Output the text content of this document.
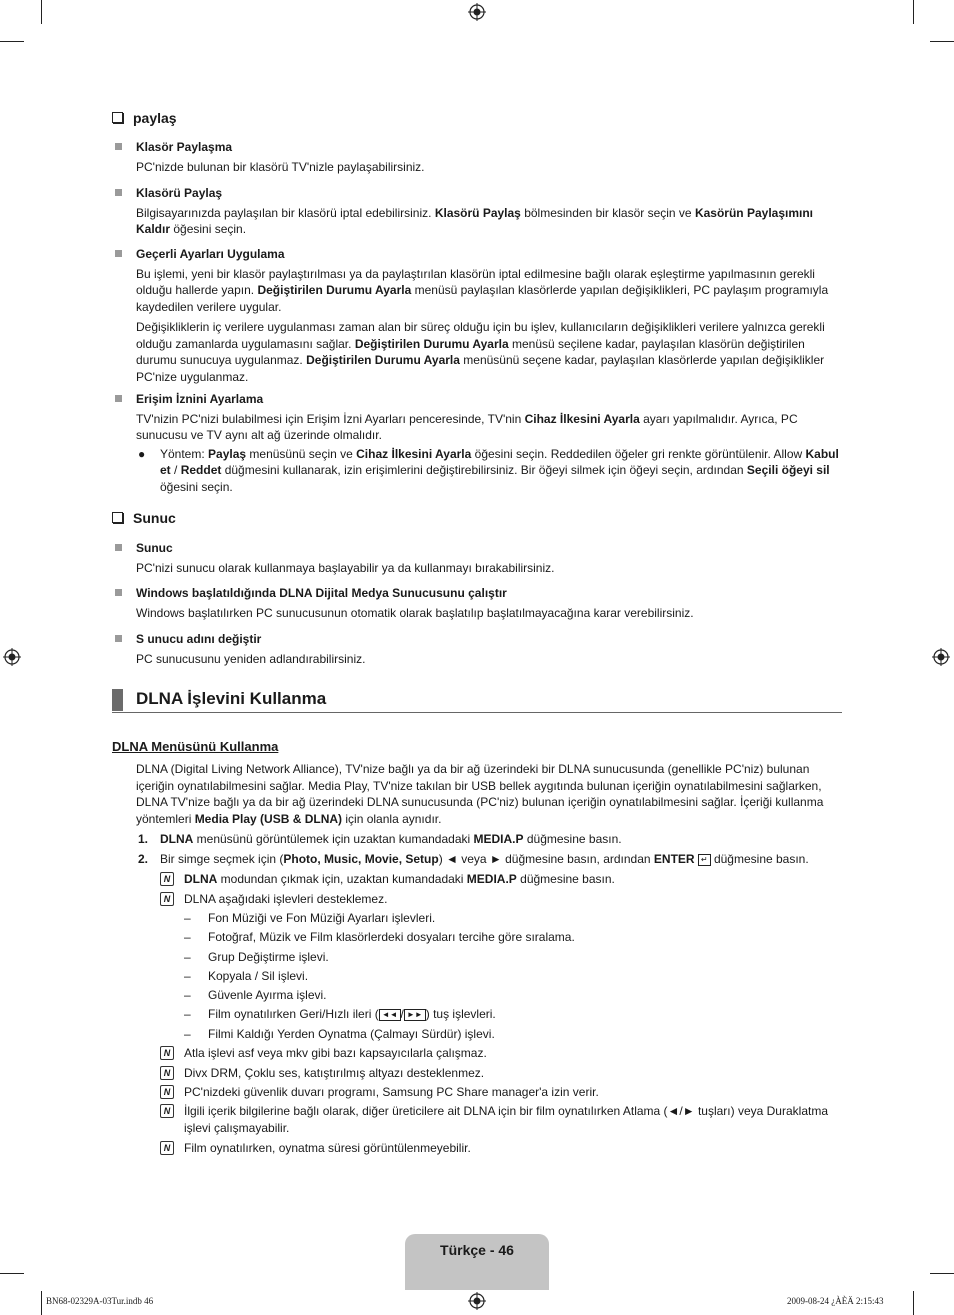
paylaş
Klasör Paylaşma

PC'nizde bulunan bir klasörü TV'nizle paylaşabilirsiniz.

Klasörü Paylaş

Bilgisayarınızda paylaşılan bir klasörü iptal edebilirsiniz. Klasörü Paylaş bölmesinden bir klasör seçin ve Kasörün Paylaşımını Kaldır öğesini seçin.

Geçerli Ayarları Uygulama

Bu işlemi, yeni bir klasör paylaştırılması ya da paylaştırılan klasörün iptal edilmesine bağlı olarak eşleştirme yapılmasının gerekli olduğu hallerde yapın. Değiştirilen Durumu Ayarla menüsü paylaşılan klasörlerde yapılan değişiklikleri, PC paylaşım programıyla kaydedilen verilere uygular.

Değişikliklerin iç verilere uygulanması zaman alan bir süreç olduğu için bu işlev, kullanıcıların değişiklikleri verilere yalnızca gerekli olduğu zamanlarda uygulamasını sağlar. Değiştirilen Durumu Ayarla menüsü seçilene kadar, paylaşılan klasörün değiştirilen durumu sunucuya uygulanmaz. Değiştirilen Durumu Ayarla menüsünü seçene kadar, paylaşılan klasörlerde yapılan değişiklikler PC'nize uygulanmaz.

Erişim İznini Ayarlama

TV'nizin PC'nizi bulabilmesi için Erişim İzni Ayarları penceresinde, TV'nin Cihaz İlkesini Ayarla ayarı yapılmalıdır. Ayrıca, PC sunucusu ve TV aynı alt ağ üzerinde olmalıdır.

● Yöntem: Paylaş menüsünü seçin ve Cihaz İlkesini Ayarla öğesini seçin. Reddedilen öğeler gri renkte görüntülenir. Allow Kabul et / Reddet düğmesini kullanarak, izin erişimlerini değiştirebilirsiniz. Bir öğeyi silmek için öğeyi seçin, ardından Seçili öğeyi sil öğesini seçin.
Sunuc
Sunuc

PC'nizi sunucu olarak kullanmaya başlayabilir ya da kullanmayı bırakabilirsiniz.

Windows başlatıldığında DLNA Dijital Medya Sunucusunu çalıştır

Windows başlatılırken PC sunucusunun otomatik olarak başlatılıp başlatılmayacağına karar verebilirsiniz.

S unucu adını değiştir

PC sunucusunu yeniden adlandırabilirsiniz.

DLNA İşlevini Kullanma
DLNA Menüsünü Kullanma
DLNA (Digital Living Network Alliance), TV'nize bağlı ya da bir ağ üzerindeki bir DLNA sunucusunda (genellikle PC'niz) bulunan içeriğin oynatılabilmesini sağlar. Media Play, TV'nize takılan bir USB bellek aygıtında bulunan içeriğin oynatılabilmesini sağlarken, DLNA TV'nize bağlı ya da bir ağ üzerindeki DLNA sunucusunda (PC'niz) bulunan içeriğin oynatılabilmesini sağlar. İçeriği kullanma yöntemleri Media Play (USB & DLNA) için olanla aynıdır.
1. DLNA menüsünü görüntülemek için uzaktan kumandadaki MEDIA.P düğmesine basın.
2. Bir simge seçmek için (Photo, Music, Movie, Setup) ◄ veya ► düğmesine basın, ardından ENTER ↵ düğmesine basın.
N	DLNA modundan çıkmak için, uzaktan kumandadaki MEDIA.P düğmesine basın.
N	DLNA aşağıdaki işlevleri desteklemez.
– Fon Müziği ve Fon Müziği Ayarları işlevleri.
– Fotoğraf, Müzik ve Film klasörlerdeki dosyaları tercihe göre sıralama.
– Grup Değiştirme işlevi.
– Kopyala / Sil işlevi.
– Güvenle Ayırma işlevi.
– Film oynatılırken Geri/Hızlı ileri ( ◄◄ / ►► ) tuş işlevleri.
– Filmi Kaldığı Yerden Oynatma (Çalmayı Sürdür) işlevi.
N	Atla işlevi asf veya mkv gibi bazı kapsayıcılarla çalışmaz.
N	Divx DRM, Çoklu ses, katıştırılmış altyazı desteklenmez.
N	PC'nizdeki güvenlik duvarı programı, Samsung PC Share manager'a izin verir.
N	İlgili içerik bilgilerine bağlı olarak, diğer üreticilere ait DLNA için bir film oynatılırken Atlama (◄/► tuşları) veya Duraklatma işlevi çalışmayabilir.
N	Film oynatılırken, oynatma süresi görüntülenmeyebilir.
Türkçe - 46
BN68-02329A-03Tur.indb 46	2009-08-24 ¿ÀÈÄ 2:15:43
